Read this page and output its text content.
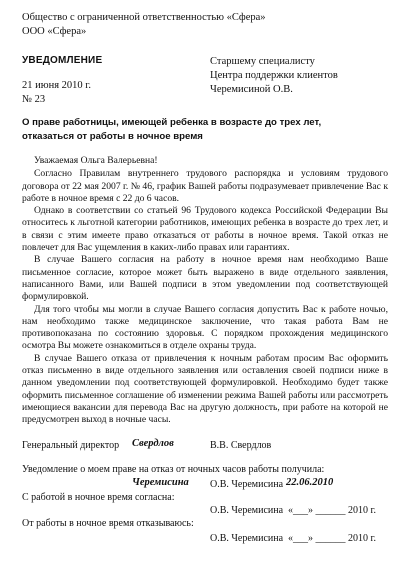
Общество с ограниченной ответственностью «Сфера»
ООО «Сфера»
УВЕДОМЛЕНИЕ
21 июня 2010 г.
№ 23
Старшему специалисту
Центра поддержки клиентов
Черемисиной О.В.
О праве работницы, имеющей ребенка в возрасте до трех лет,
отказаться от работы в ночное время

Уважаемая Ольга Валерьевна!

Согласно Правилам внутреннего трудового распорядка и условиям трудового договора от 22 мая 2007 г. № 46, график Вашей работы подразумевает привлечение Вас к работе в ночное время с 22 до 6 часов.

Однако в соответствии со статьей 96 Трудового кодекса Российской Федерации Вы относитесь к льготной категории работников, имеющих ребенка в возрасте до трех лет, и в связи с этим имеете право отказаться от работы в ночное время. Такой отказ не повлечет для Вас ущемления в каких-либо правах или гарантиях.

В случае Вашего согласия на работу в ночное время нам необходимо Ваше письменное согласие, которое может быть выражено в виде отдельного заявления, написанного Вами, или Вашей подписи в этом уведомлении под соответствующей формулировкой.

Для того чтобы мы могли в случае Вашего согласия допустить Вас к работе ночью, нам необходимо также медицинское заключение, что такая работа Вам не противопоказана по состоянию здоровья. С порядком прохождения медицинского осмотра Вы можете ознакомиться в отделе охраны труда.

В случае Вашего отказа от привлечения к ночным работам просим Вас оформить отказ письменно в виде отдельного заявления или оставления своей подписи ниже в данном уведомлении под соответствующей формулировкой. Необходимо будет также оформить письменное соглашение об изменении режима Вашей работы или рассмотреть имеющиеся вакансии для перевода Вас на другую должность, при работе на которой не предусмотрен выход в ночные часы.

Генеральный директор Свердлов	В.В. Свердлов
Уведомление о моем праве на отказ от ночных часов работы получила:
Черемисина О.В. Черемисина 22.06.2010
С работой в ночное время согласна:
О.В. Черемисина «___» ______ 2010 г.
От работы в ночное время отказываюсь:
О.В. Черемисина «___» ______ 2010 г.
